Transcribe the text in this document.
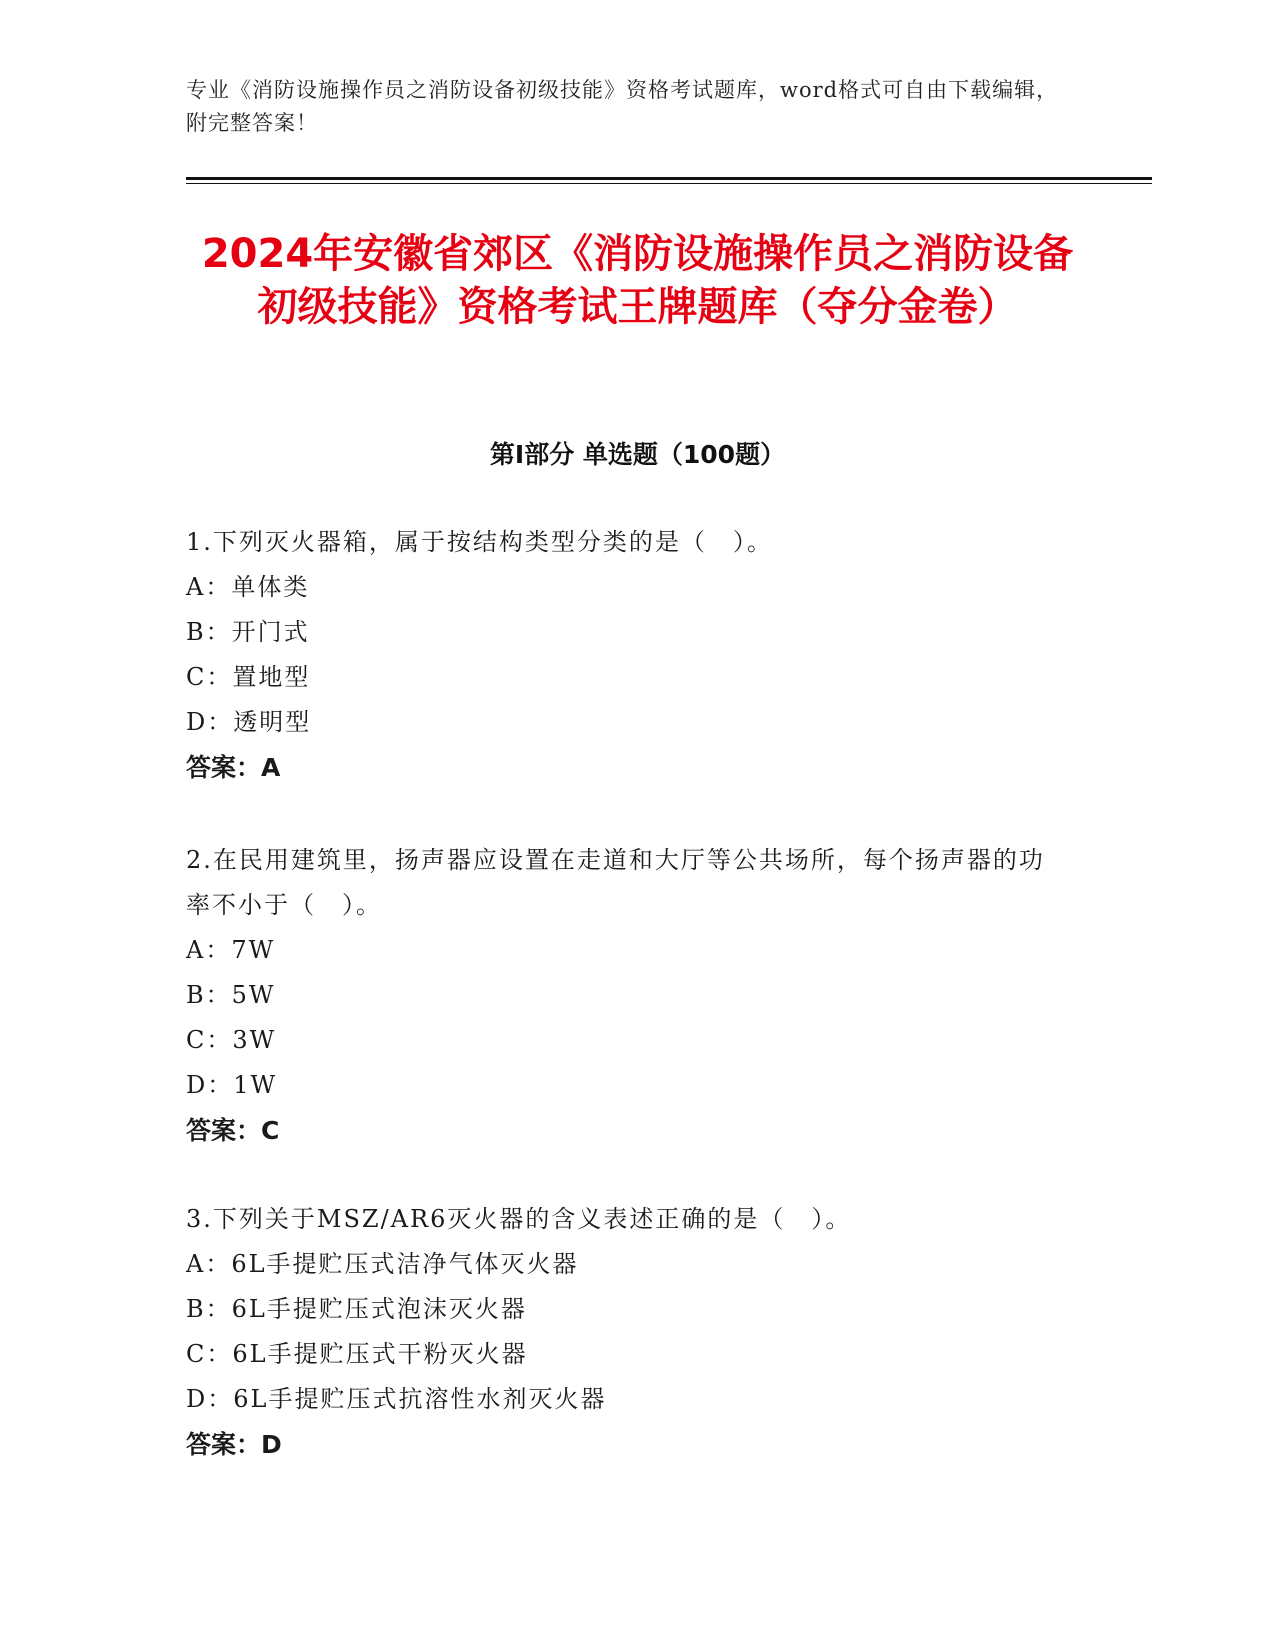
专业《消防设施操作员之消防设备初级技能》资格考试题库，word格式可自由下载编辑，附完整答案！
2024年安徽省郊区《消防设施操作员之消防设备初级技能》资格考试王牌题库（夺分金卷）
第I部分 单选题（100题）

1.下列灭火器箱，属于按结构类型分类的是（　）。

A：单体类

B：开门式

C：置地型

D：透明型

答案：A

2.在民用建筑里，扬声器应设置在走道和大厅等公共场所，每个扬声器的功率不小于（　）。

A：7W

B：5W

C：3W

D：1W

答案：C

3.下列关于MSZ/AR6灭火器的含义表述正确的是（　）。

A：6L手提贮压式洁净气体灭火器

B：6L手提贮压式泡沫灭火器

C：6L手提贮压式干粉灭火器

D：6L手提贮压式抗溶性水剂灭火器

答案：D
